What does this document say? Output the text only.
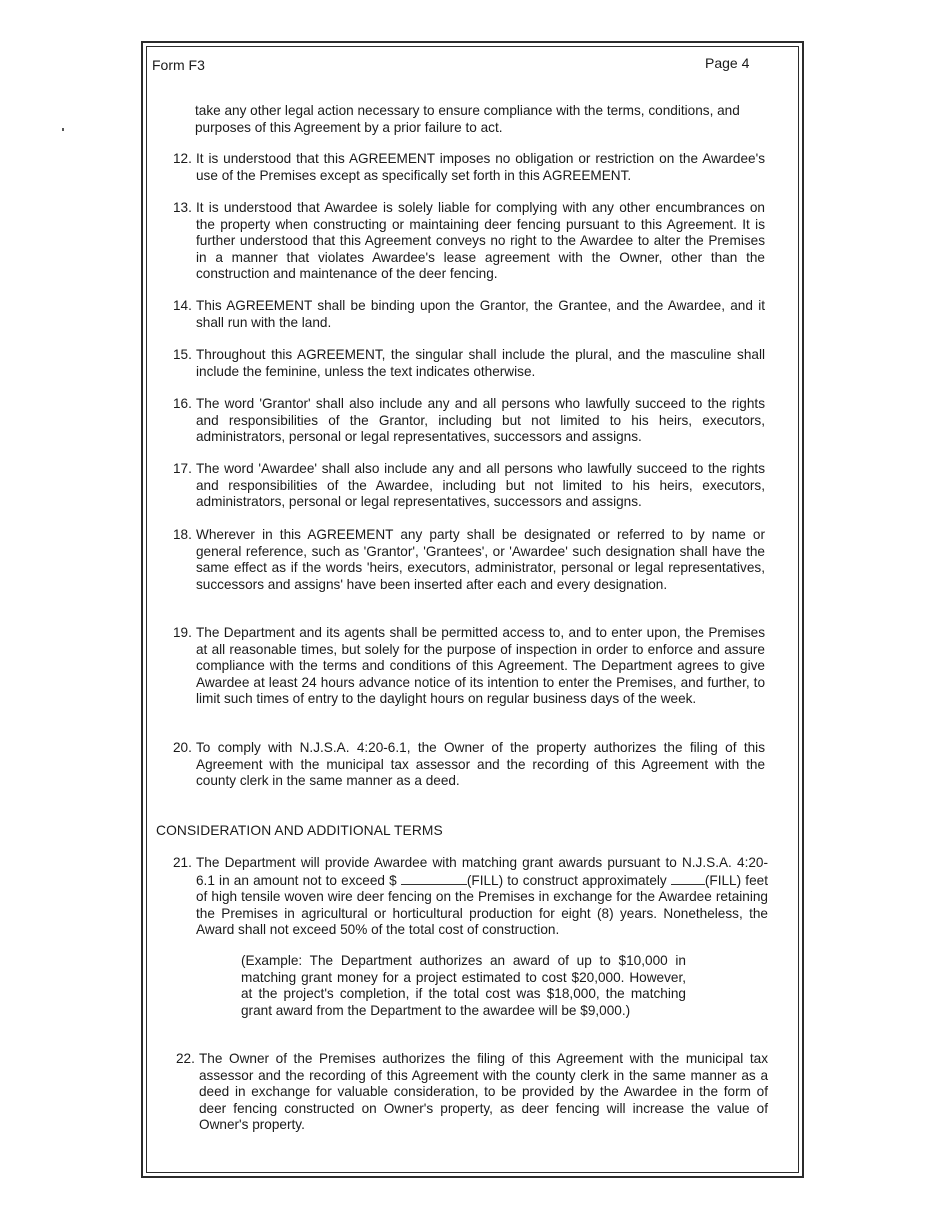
Form F3	Page 4
take any other legal action necessary to ensure compliance with the terms, conditions, and purposes of this Agreement by a prior failure to act.
12. It is understood that this AGREEMENT imposes no obligation or restriction on the Awardee's use of the Premises except as specifically set forth in this AGREEMENT.
13. It is understood that Awardee is solely liable for complying with any other encumbrances on the property when constructing or maintaining deer fencing pursuant to this Agreement. It is further understood that this Agreement conveys no right to the Awardee to alter the Premises in a manner that violates Awardee's lease agreement with the Owner, other than the construction and maintenance of the deer fencing.
14. This AGREEMENT shall be binding upon the Grantor, the Grantee, and the Awardee, and it shall run with the land.
15. Throughout this AGREEMENT, the singular shall include the plural, and the masculine shall include the feminine, unless the text indicates otherwise.
16. The word 'Grantor' shall also include any and all persons who lawfully succeed to the rights and responsibilities of the Grantor, including but not limited to his heirs, executors, administrators, personal or legal representatives, successors and assigns.
17. The word 'Awardee' shall also include any and all persons who lawfully succeed to the rights and responsibilities of the Awardee, including but not limited to his heirs, executors, administrators, personal or legal representatives, successors and assigns.
18. Wherever in this AGREEMENT any party shall be designated or referred to by name or general reference, such as 'Grantor', 'Grantees', or 'Awardee' such designation shall have the same effect as if the words 'heirs, executors, administrator, personal or legal representatives, successors and assigns' have been inserted after each and every designation.
19. The Department and its agents shall be permitted access to, and to enter upon, the Premises at all reasonable times, but solely for the purpose of inspection in order to enforce and assure compliance with the terms and conditions of this Agreement. The Department agrees to give Awardee at least 24 hours advance notice of its intention to enter the Premises, and further, to limit such times of entry to the daylight hours on regular business days of the week.
20. To comply with N.J.S.A. 4:20-6.1, the Owner of the property authorizes the filing of this Agreement with the municipal tax assessor and the recording of this Agreement with the county clerk in the same manner as a deed.
CONSIDERATION AND ADDITIONAL TERMS
21. The Department will provide Awardee with matching grant awards pursuant to N.J.S.A. 4:20-6.1 in an amount not to exceed $	(FILL) to construct approximately	(FILL) feet of high tensile woven wire deer fencing on the Premises in exchange for the Awardee retaining the Premises in agricultural or horticultural production for eight (8) years. Nonetheless, the Award shall not exceed 50% of the total cost of construction.
(Example: The Department authorizes an award of up to $10,000 in matching grant money for a project estimated to cost $20,000. However, at the project's completion, if the total cost was $18,000, the matching grant award from the Department to the awardee will be $9,000.)
22. The Owner of the Premises authorizes the filing of this Agreement with the municipal tax assessor and the recording of this Agreement with the county clerk in the same manner as a deed in exchange for valuable consideration, to be provided by the Awardee in the form of deer fencing constructed on Owner's property, as deer fencing will increase the value of Owner's property.
